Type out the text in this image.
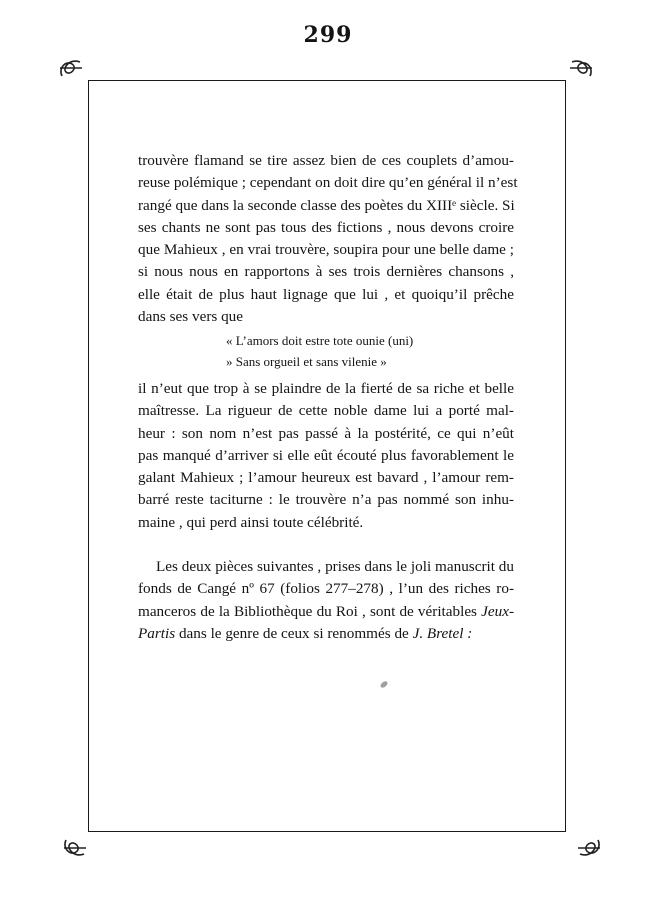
299
trouvère flamand se tire assez bien de ces couplets d’amou-
reuse polémique ; cependant on doit dire qu’en général il n’est
rangé que dans la seconde classe des poètes du XIIIᵉ siècle. Si
ses chants ne sont pas tous des fictions , nous devons croire
que Mahieux , en vrai trouvère, soupira pour une belle dame ;
si nous nous en rapportons à ses trois dernières chansons ,
elle était de plus haut lignage que lui , et quoiqu’il prêche
dans ses vers que
« L’amors doit estre tote ounie (uni)
» Sans orgueil et sans vilenie »
il n’eut que trop à se plaindre de la fierté de sa riche et belle
maîtresse. La rigueur de cette noble dame lui a porté mal-
heur : son nom n’est pas passé à la postérité, ce qui n’eût
pas manqué d’arriver si elle eût écouté plus favorablement le
galant Mahieux ; l’amour heureux est bavard , l’amour rem-
barré reste taciturne : le trouvère n’a pas nommé son inhu-
maine , qui perd ainsi toute célébrité.
Les deux pièces suivantes , prises dans le joli manuscrit du
fonds de Cangé nº 67 (folios 277–278) , l’un des riches ro-
manceros de la Bibliothèque du Roi , sont de véritables Jeux-
Partis dans le genre de ceux si renommés de J. Bretel :
